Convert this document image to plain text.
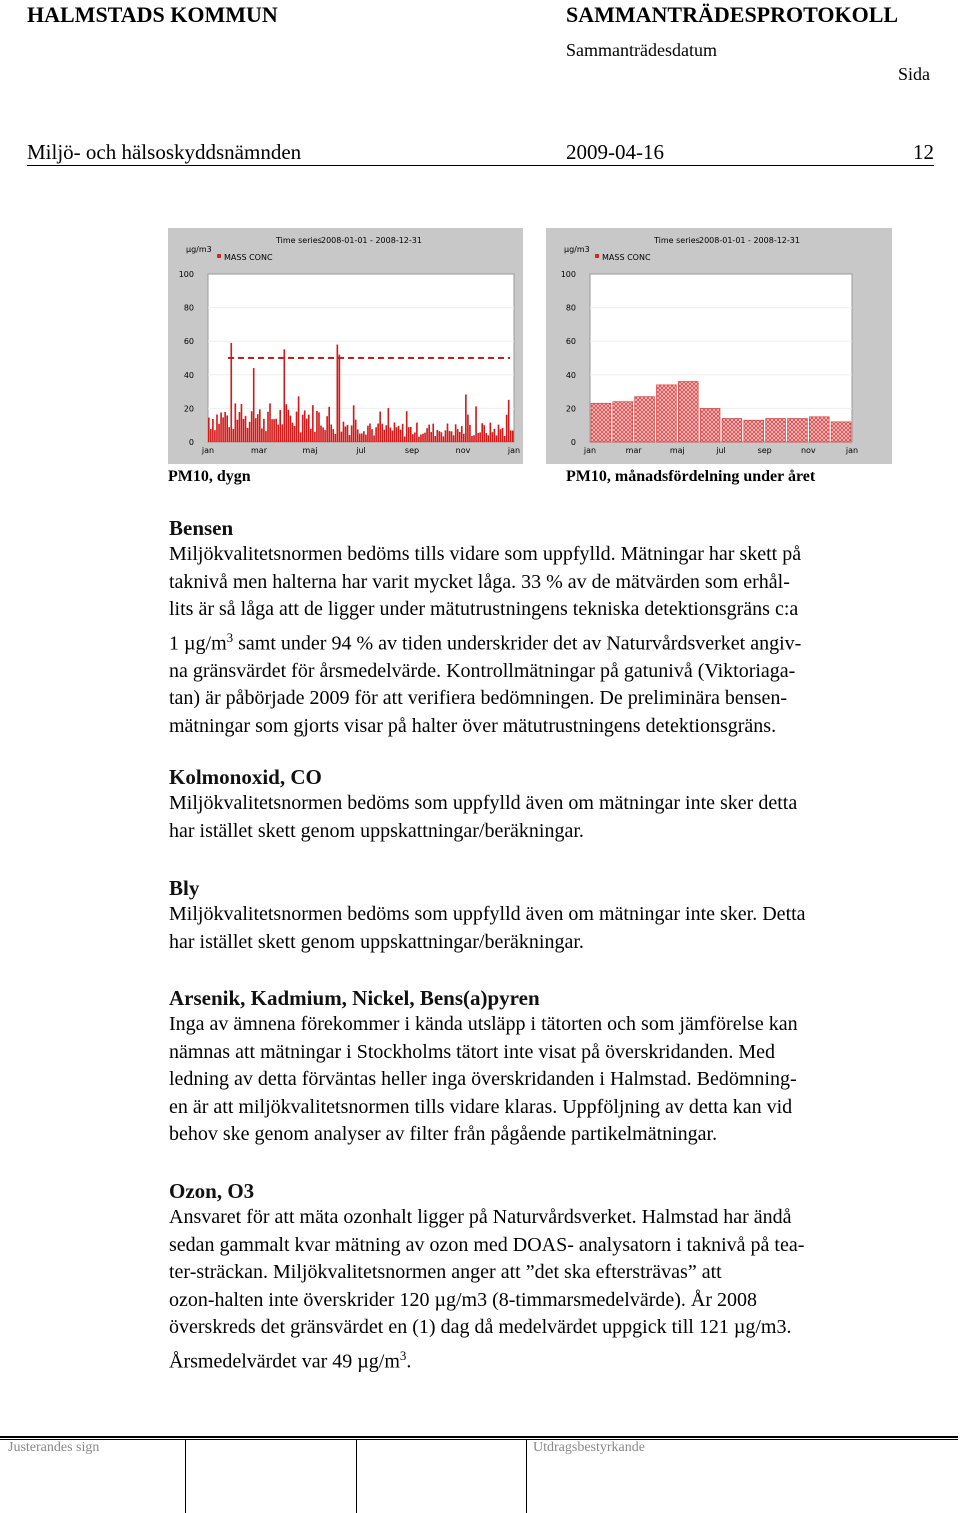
HALMSTADS KOMMUN	SAMMANTRÄDESPROTOKOLL
Sammanträdesdatum
Sida
Miljö- och hälsoskyddsnämnden	2009-04-16	12
µg/m3
MASS CONC
Time series 2008-01-01 - 2008-12-31
100
80
60
40
20
0
jan	mar	maj	jul	sep	nov	jan
µg/m3
MASS CONC
Time series 2008-01-01 - 2008-12-31
100
80
60
40
20
0
jan	mar	maj	jul	sep	nov	jan
PM10, dygn	PM10, månadsfördelning under året
Bensen

Miljökvalitetsnormen bedöms tills vidare som uppfylld. Mätningar har skett på

taknivå men halterna har varit mycket låga. 33 % av de mätvärden som erhål-

lits är så låga att de ligger under mätutrustningens tekniska detektionsgräns c:a

1 $\mu g/m^3$ samt under 94 % av tiden underskrider det av Naturvårdsverket angiv-

na gränsvärdet för årsmedelvärde. Kontrollmätningar på gatunivå (Viktoriaga-

tan) är påbörjade 2009 för att verifiera bedömningen. De preliminära bensen-

mätningar som gjorts visar på halter över mätutrustningens detektionsgräns.

Kolmonoxid, CO

Miljökvalitetsnormen bedöms som uppfylld även om mätningar inte sker detta

har istället skett genom uppskattningar/beräkningar.

Bly

Miljökvalitetsnormen bedöms som uppfylld även om mätningar inte sker. Detta

har istället skett genom uppskattningar/beräkningar.

Arsenik, Kadmium, Nickel, Bens(a)pyren

Inga av ämnena förekommer i kända utsläpp i tätorten och som jämförelse kan

nämnas att mätningar i Stockholms tätort inte visat på överskridanden. Med

ledning av detta förväntas heller inga överskridanden i Halmstad. Bedömning-

en är att miljökvalitetsnormen tills vidare klaras. Uppföljning av detta kan vid

behov ske genom analyser av filter från pågående partikelmätningar.

Ozon, O3

Ansvaret för att mäta ozonhalt ligger på Naturvårdsverket. Halmstad har ändå

sedan gammalt kvar mätning av ozon med DOAS- analysatorn i taknivå på tea-

ter-sträckan. Miljökvalitetsnormen anger att ”det ska eftersträvas” att

ozon-halten inte överskrider 120 µg/m3 (8-timmarsmedelvärde). År 2008

överskreds det gränsvärdet en (1) dag då medelvärdet uppgick till 121 µg/m3.

Årsmedelvärdet var 49 $\mu g/m^3$.

Justerandes sign	Utdragsbestyrkande
